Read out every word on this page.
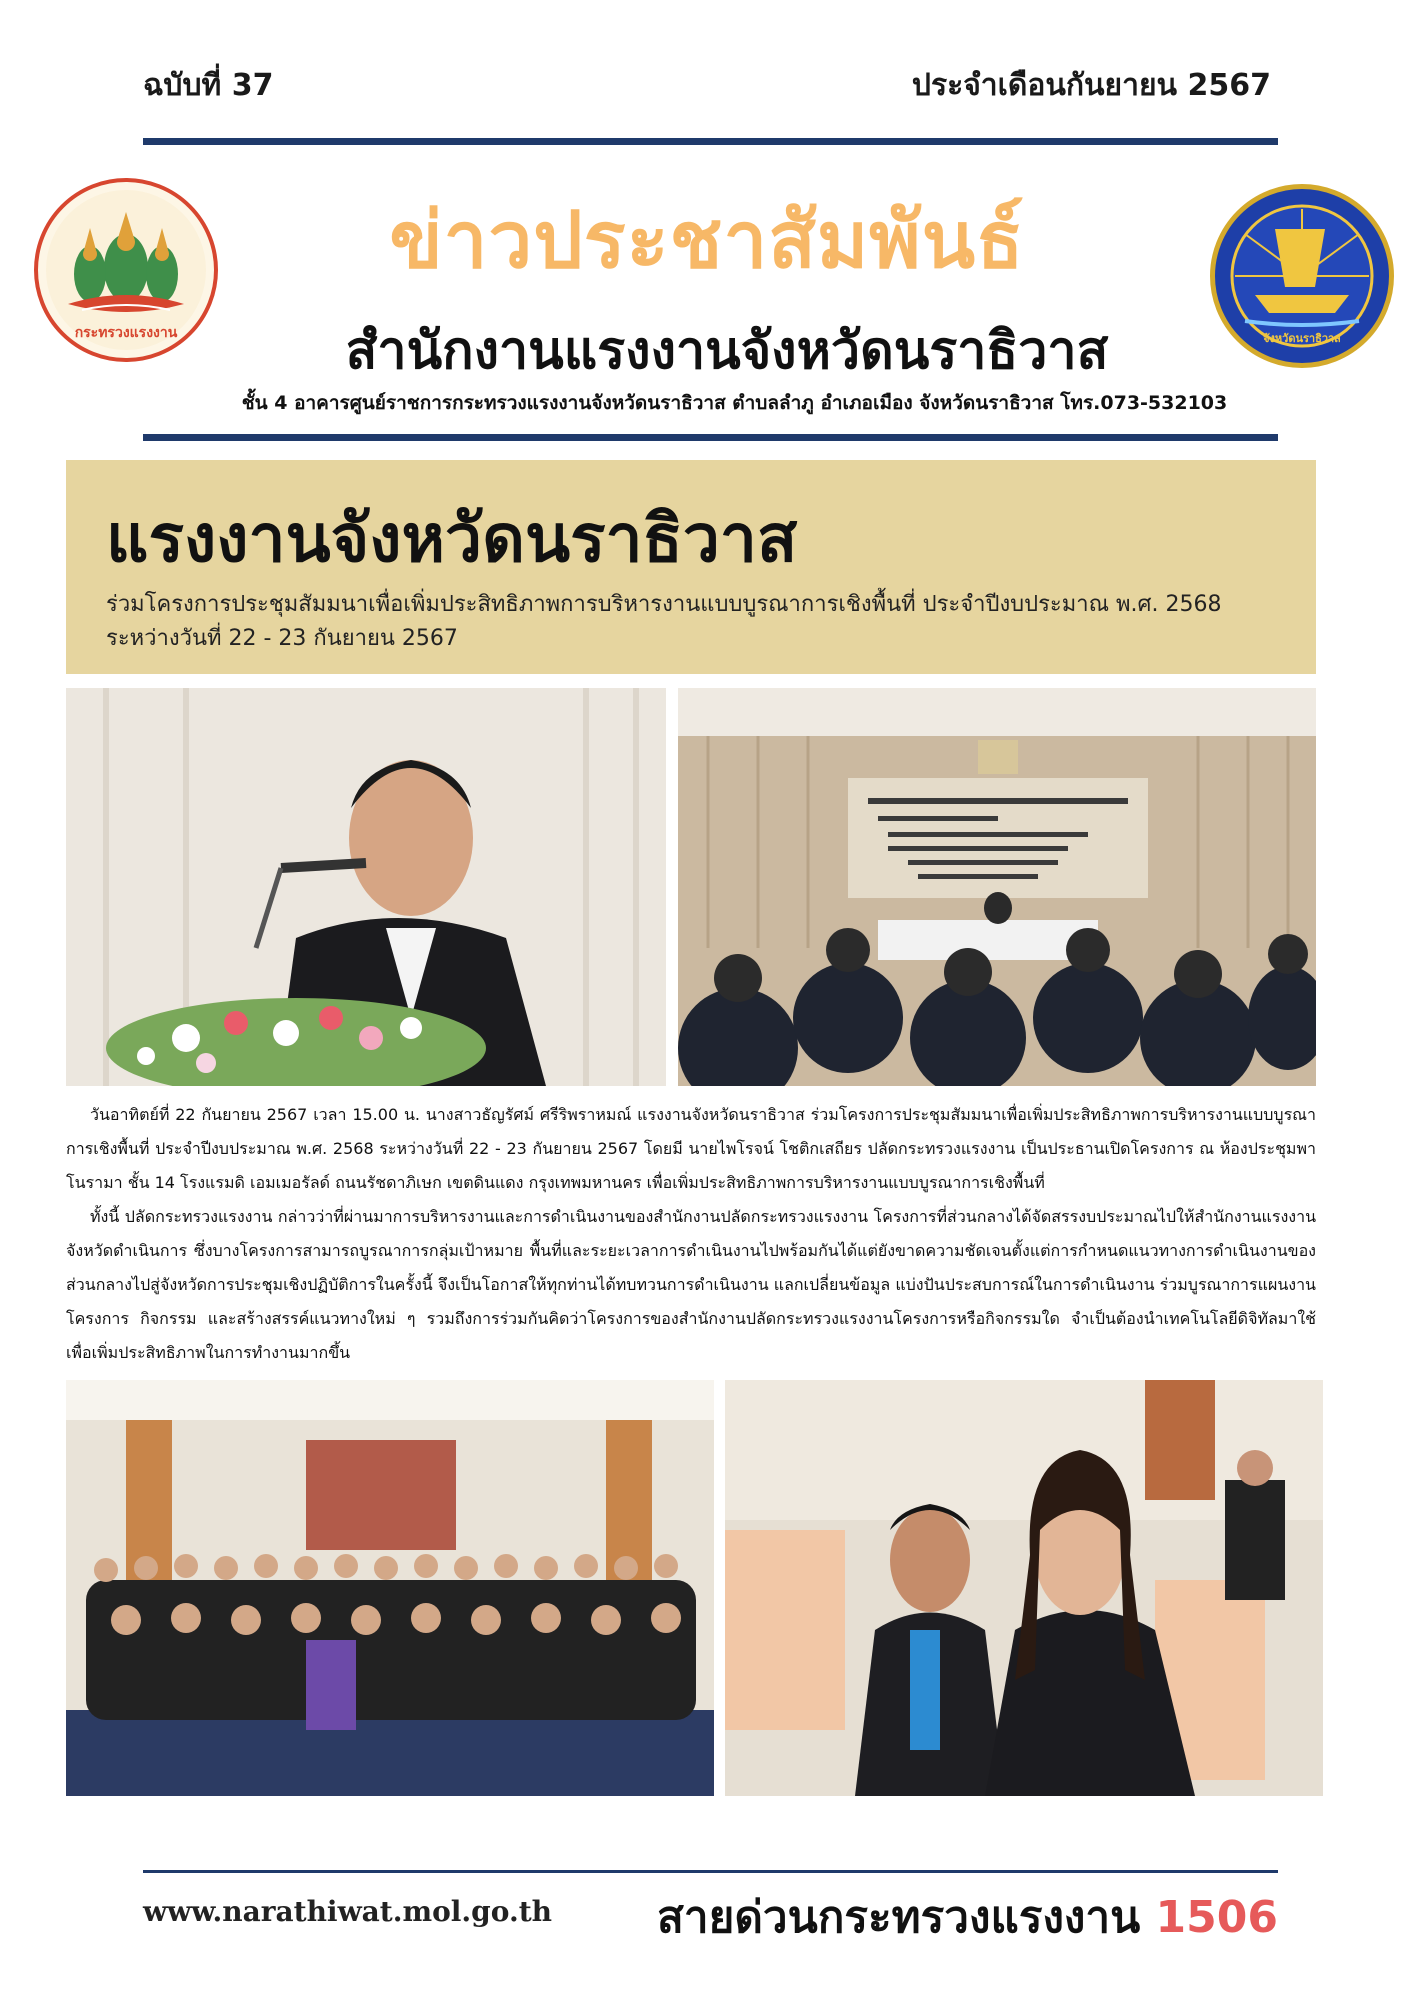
ฉบับที่ 37	ประจำเดือนกันยายน 2567
กระทรวงแรงงาน
ข่าวประชาสัมพันธ์
สำนักงานแรงงานจังหวัดนราธิวาส	จังหวัดนราธิวาส
ชั้น 4 อาคารศูนย์ราชการกระทรวงแรงงานจังหวัดนราธิวาส ตำบลลำภู อำเภอเมือง จังหวัดนราธิวาส โทร.073-532103
แรงงานจังหวัดนราธิวาส
ร่วมโครงการประชุมสัมมนาเพื่อเพิ่มประสิทธิภาพการบริหารงานแบบบูรณาการเชิงพื้นที่ ประจำปีงบประมาณ พ.ศ. 2568 ระหว่างวันที่ 22 - 23 กันยายน 2567

วันอาทิตย์ที่ 22 กันยายน 2567 เวลา 15.00 น. นางสาวธัญรัศม์ ศรีริพราหมณ์ แรงงานจังหวัดนราธิวาส ร่วมโครงการประชุมสัมมนาเพื่อเพิ่มประสิทธิภาพการบริหารงานแบบบูรณาการเชิงพื้นที่ ประจำปีงบประมาณ พ.ศ. 2568 ระหว่างวันที่ 22 - 23 กันยายน 2567 โดยมี นายไพโรจน์ โชติกเสถียร ปลัดกระทรวงแรงงาน เป็นประธานเปิดโครงการ ณ ห้องประชุมพาโนรามา ชั้น 14 โรงแรมดิ เอมเมอรัลด์ ถนนรัชดาภิเษก เขตดินแดง กรุงเทพมหานคร เพื่อเพิ่มประสิทธิภาพการบริหารงานแบบบูรณาการเชิงพื้นที่

ทั้งนี้ ปลัดกระทรวงแรงงาน กล่าวว่าที่ผ่านมาการบริหารงานและการดำเนินงานของสำนักงานปลัดกระทรวงแรงงาน โครงการที่ส่วนกลางได้จัดสรรงบประมาณไปให้สำนักงานแรงงานจังหวัดดำเนินการ ซึ่งบางโครงการสามารถบูรณาการกลุ่มเป้าหมาย พื้นที่และระยะเวลาการดำเนินงานไปพร้อมกันได้แต่ยังขาดความชัดเจนตั้งแต่การกำหนดแนวทางการดำเนินงานของส่วนกลางไปสู่จังหวัดการประชุมเชิงปฏิบัติการในครั้งนี้ จึงเป็นโอกาสให้ทุกท่านได้ทบทวนการดำเนินงาน แลกเปลี่ยนข้อมูล แบ่งปันประสบการณ์ในการดำเนินงาน ร่วมบูรณาการแผนงาน โครงการ กิจกรรม และสร้างสรรค์แนวทางใหม่ ๆ รวมถึงการร่วมกันคิดว่าโครงการของสำนักงานปลัดกระทรวงแรงงานโครงการหรือกิจกรรมใด จำเป็นต้องนำเทคโนโลยีดิจิทัลมาใช้ เพื่อเพิ่มประสิทธิภาพในการทำงานมากขึ้น

www.narathiwat.mol.go.th สายด่วนกระทรวงแรงงาน 1506
